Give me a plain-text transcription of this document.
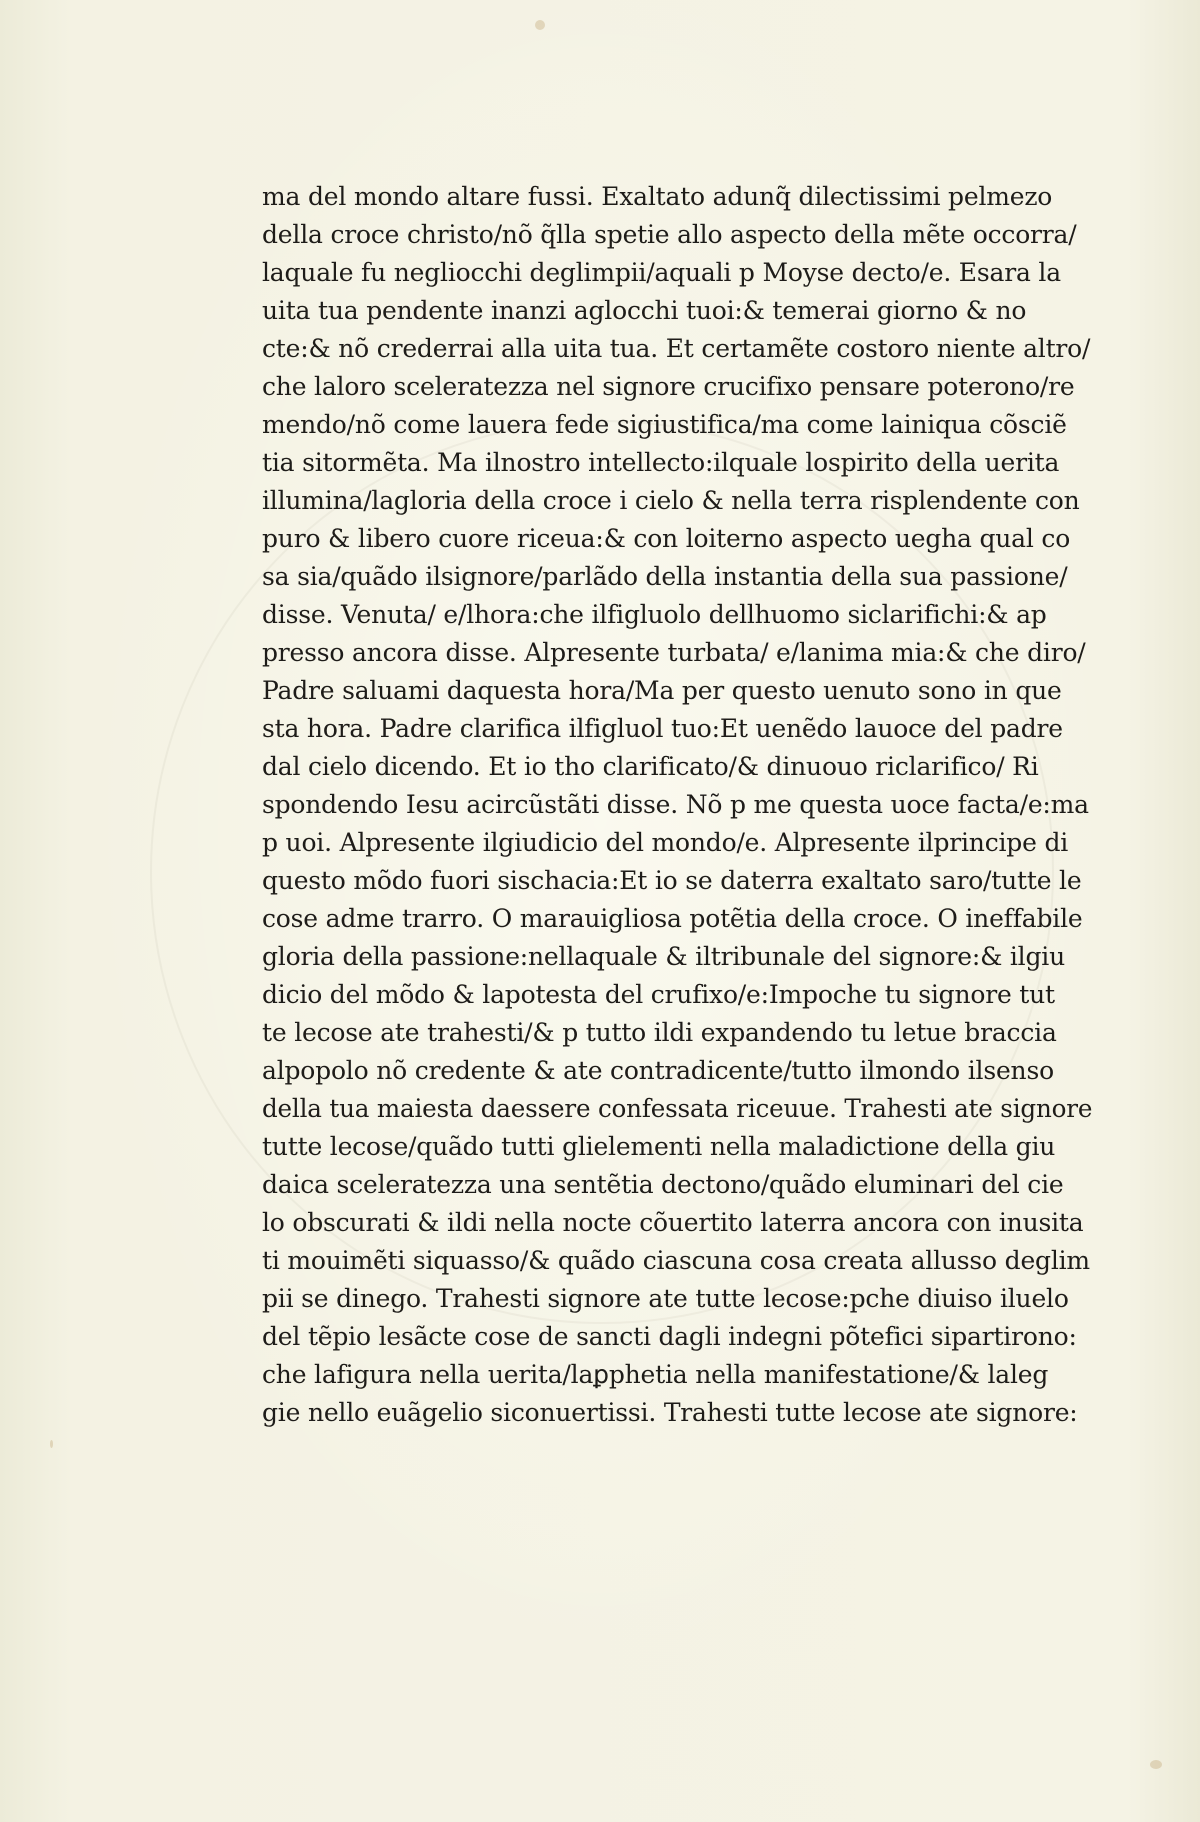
ma del mondo altare fussi. Exaltato adunq̃ dilectissimi pelmezo
della croce christo/nõ q̃lla spetie allo aspecto della mẽte occorra/
laquale fu negliocchi deglimpii/aquali p Moyse decto/e. Esara la
uita tua pendente inanzi aglocchi tuoi:& temerai giorno & no
cte:& nõ crederrai alla uita tua. Et certamẽte costoro niente altro/
che laloro sceleratezza nel signore crucifixo pensare poterono/re
mendo/nõ come lauera fede sigiustifica/ma come lainiqua cõsciẽ
tia sitormẽta. Ma ilnostro intellecto:ilquale lospirito della uerita
illumina/lagloria della croce i cielo & nella terra risplendente con
puro & libero cuore riceua:& con loiterno aspecto uegha qual co
sa sia/quãdo ilsignore/parlãdo della instantia della sua passione/
disse. Venuta/ e/lhora:che ilfigluolo dellhuomo siclarifichi:& ap
presso ancora disse. Alpresente turbata/ e/lanima mia:& che diro/
Padre saluami daquesta hora/Ma per questo uenuto sono in que
sta hora. Padre clarifica ilfigluol tuo:Et uenẽdo lauoce del padre
dal cielo dicendo. Et io tho clarificato/& dinuouo riclarifico/ Ri
spondendo Iesu acircũstãti disse. Nõ p me questa uoce facta/e:ma
p uoi. Alpresente ilgiudicio del mondo/e. Alpresente ilprincipe di
questo mõdo fuori sischacia:Et io se daterra exaltato saro/tutte le
cose adme trarro. O marauigliosa potẽtia della croce. O ineffabile
gloria della passione:nellaquale & iltribunale del signore:& ilgiu
dicio del mõdo & lapotesta del crufixo/e:Impoche tu signore tut
te lecose ate trahesti/& p tutto ildi expandendo tu letue braccia
alpopolo nõ credente & ate contradicente/tutto ilmondo ilsenso
della tua maiesta daessere confessata riceuue. Trahesti ate signore
tutte lecose/quãdo tutti glielementi nella maladictione della giu
daica sceleratezza una sentẽtia dectono/quãdo eluminari del cie
lo obscurati & ildi nella nocte cõuertito laterra ancora con inusita
ti mouimẽti siquasso/& quãdo ciascuna cosa creata allusso deglim
pii se dinego. Trahesti signore ate tutte lecose:pche diuiso iluelo
del tẽpio lesãcte cose de sancti dagli indegni põtefici sipartirono:
che lafigura nella uerita/laꝑphetia nella manifestatione/& laleg
gie nello euãgelio siconuertissi. Trahesti tutte lecose ate signore:
